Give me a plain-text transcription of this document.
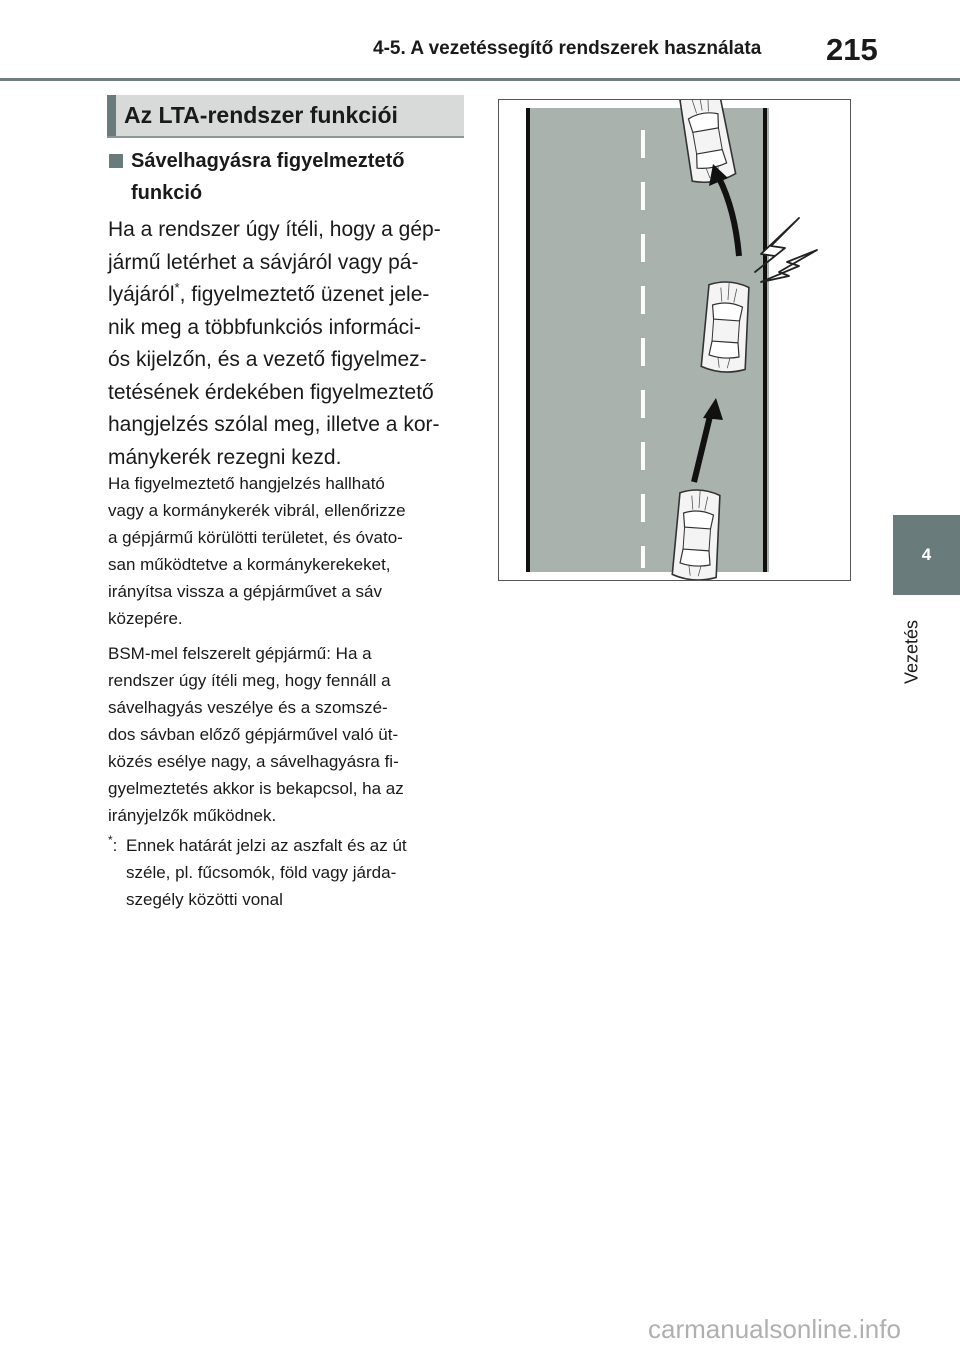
4-5. A vezetéssegítő rendszerek használata 215
4
Vezetés
Az LTA-rendszer funkciói
Sávelhagyásra figyelmeztető
funkció
Ha a rendszer úgy ítéli, hogy a gép-
jármű letérhet a sávjáról vagy pá-
lyájáról*, figyelmeztető üzenet jele-
nik meg a többfunkciós informáci-
ós kijelzőn, és a vezető figyelmez-
tetésének érdekében figyelmeztető
hangjelzés szólal meg, illetve a kor-
mánykerék rezegni kezd.
Ha figyelmeztető hangjelzés hallható
vagy a kormánykerék vibrál, ellenőrizze
a gépjármű körülötti területet, és óvato-
san működtetve a kormánykerekeket,
irányítsa vissza a gépjárművet a sáv
közepére.
BSM-mel felszerelt gépjármű: Ha a
rendszer úgy ítéli meg, hogy fennáll a
sávelhagyás veszélye és a szomszé-
dos sávban előző gépjárművel való üt-
közés esélye nagy, a sávelhagyásra fi-
gyelmeztetés akkor is bekapcsol, ha az
irányjelzők működnek.
*: Ennek határát jelzi az aszfalt és az út
széle, pl. fűcsomók, föld vagy járda-
szegély közötti vonal
carmanualsonline.info
